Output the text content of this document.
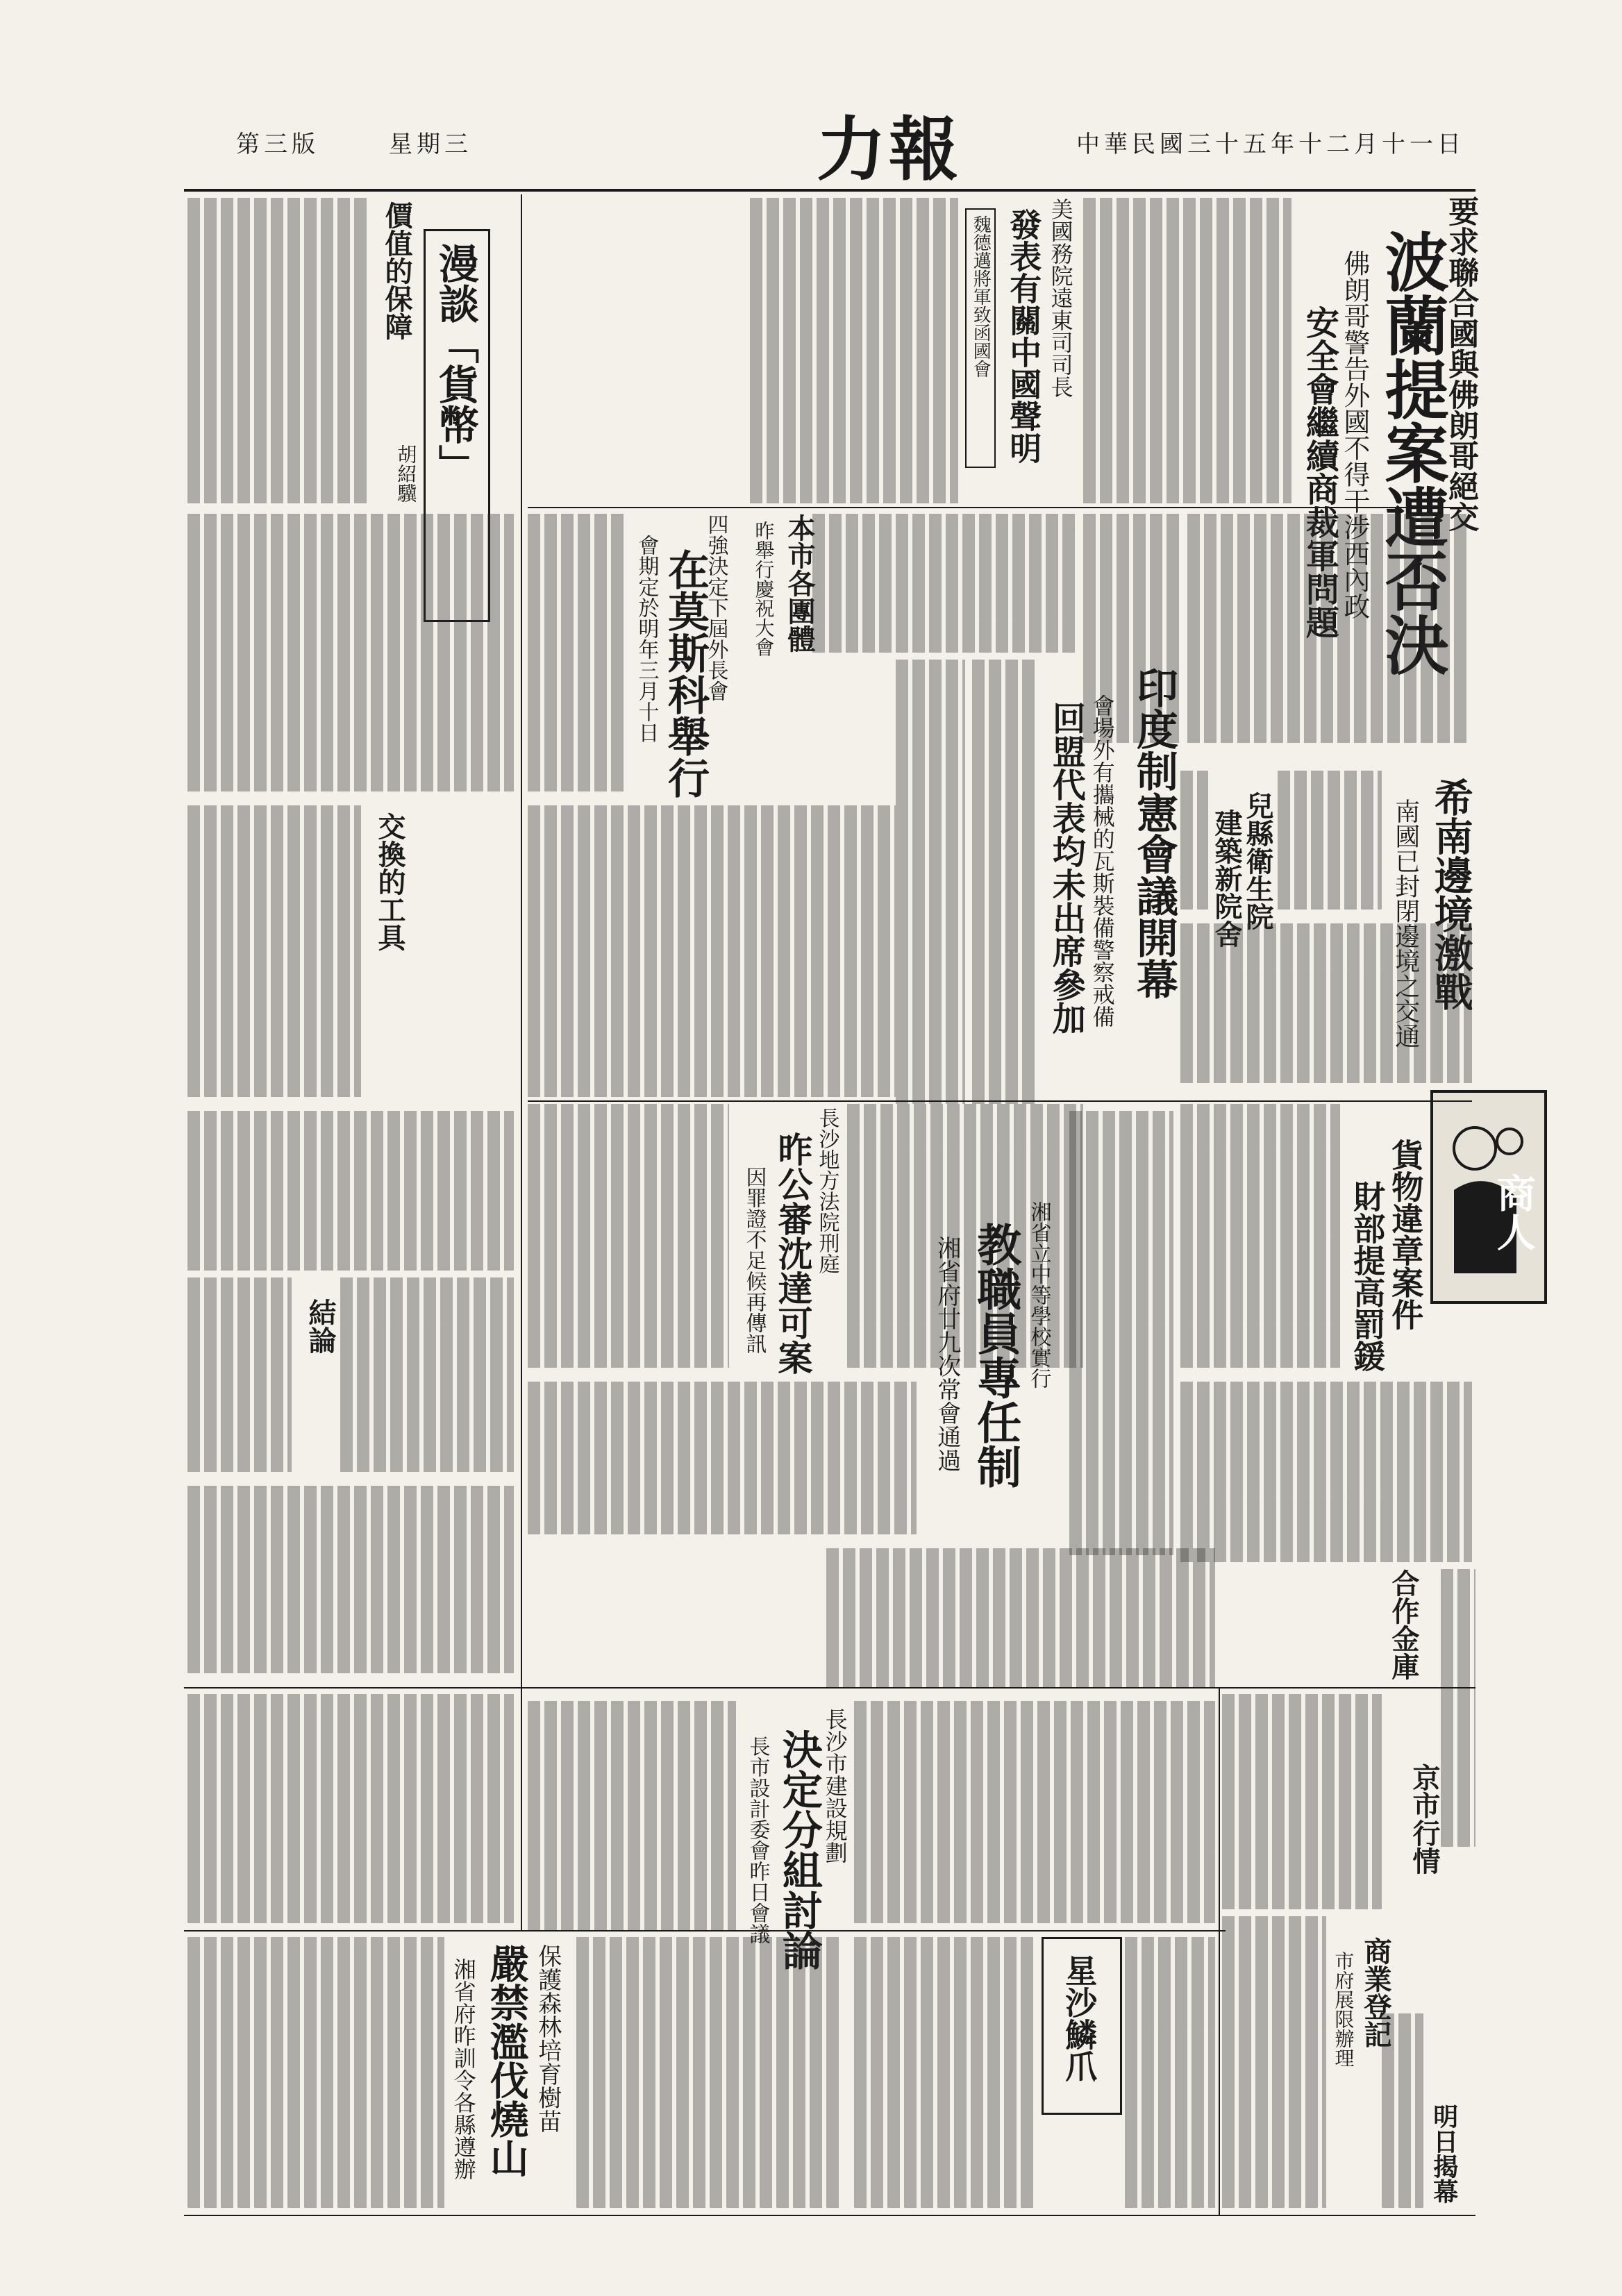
第三版	星期三	力報	中華民國三十五年十二月十一日
要求聯合國與佛朗哥絕交
波蘭提案遭否決
佛朗哥警告外國不得干涉西內政
安全會繼續商裁軍問題
美國務院遠東司司長
發表有關中國聲明
魏德邁將軍致函國會
印度制憲會議開幕
會場外有攜械的瓦斯裝備警察戒備
回盟代表均未出席參加	希南邊境激戰
南國已封閉邊境之交通
兒縣衛生院
建築新院舍
四強決定下屆外長會
在莫斯科舉行
會期定於明年三月十日	本市各團體
昨舉行慶祝大會
長沙地方法院刑庭
昨公審沈達可案
因罪證不足候再傳訊	湘省立中等學校實行
教職員專任制
湘省府廿九次常會通過
商人
貨物違章案件
財部提高罰鍰
合作金庫
京市行情
商業登記
市府展限辦理
明日揭幕
長沙市建設規劃
決定分組討論
長市設計委會昨日會議
星沙鱗爪
保護森林培育樹苗
嚴禁濫伐燒山
湘省府昨訓令各縣遵辦
漫談「貨幣」
胡紹驥
價值的保障
交換的工具
結論
